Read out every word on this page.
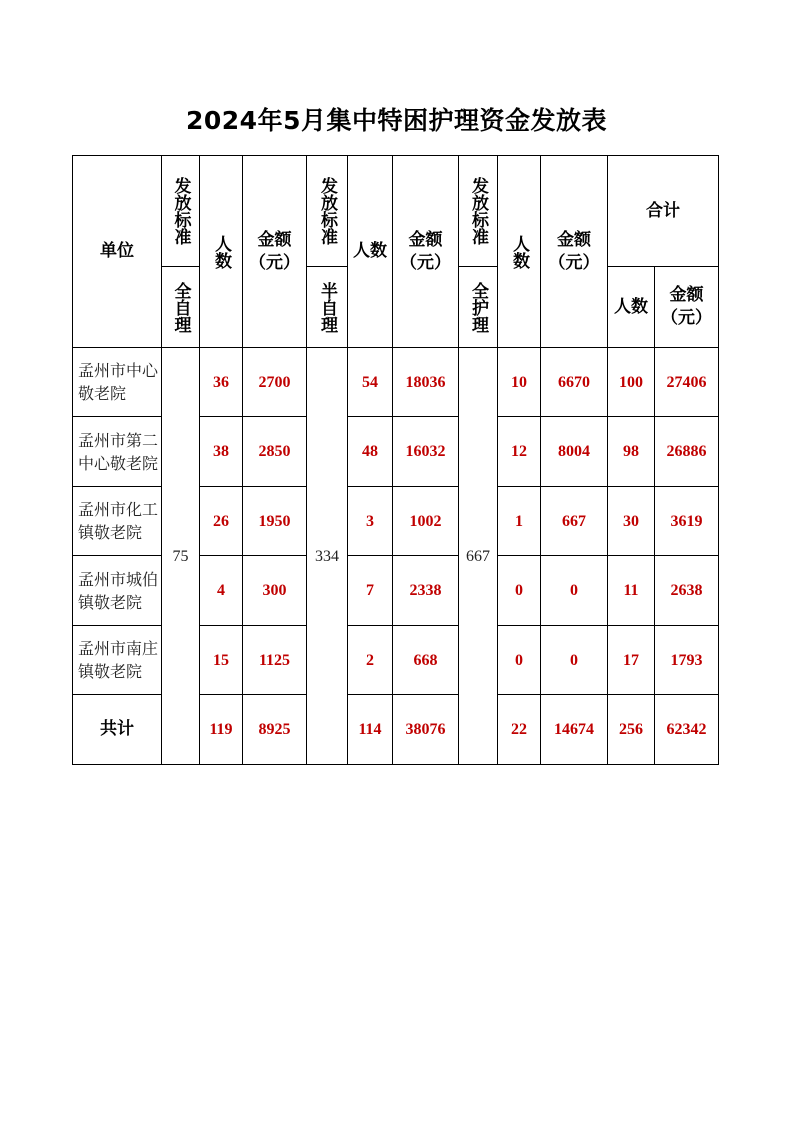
2024年5月集中特困护理资金发放表
单位	发放标准	人数	金额（元）	发放标准	人数	金额（元）	发放标准	人数	金额（元）	合计	

	全自理			半自理			全护理			人数	金额（元）
孟州市中心敬老院	75	36	2700	334	54	18036	667	10	6670	100	27406
孟州市第二中心敬老院		38	2850		48	16032		12	8004	98	26886
孟州市化工镇敬老院		26	1950		3	1002		1	667	30	3619
孟州市城伯镇敬老院		4	300		7	2338		0	0	11	2638
孟州市南庄镇敬老院		15	1125		2	668		0	0	17	1793
共计		119	8925		114	38076		22	14674	256	62342
